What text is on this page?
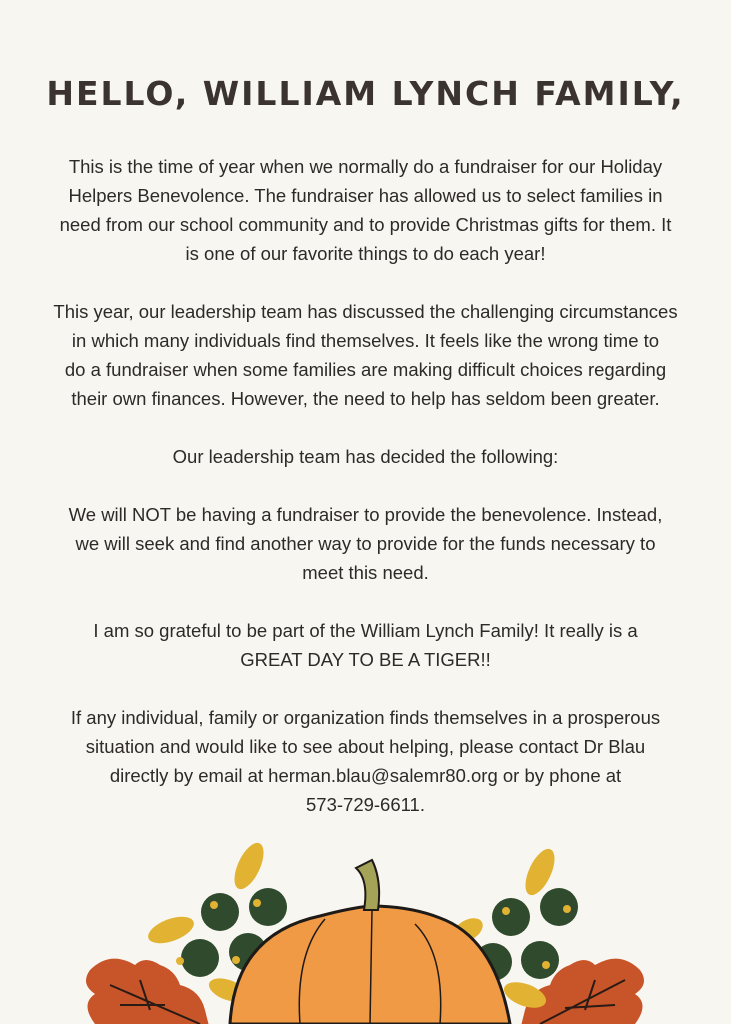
HELLO, WILLIAM LYNCH FAMILY,

This is the time of year when we normally do a fundraiser for our Holiday
Helpers Benevolence. The fundraiser has allowed us to select families in
need from our school community and to provide Christmas gifts for them. It
is one of our favorite things to do each year!

This year, our leadership team has discussed the challenging circumstances
in which many individuals find themselves. It feels like the wrong time to
do a fundraiser when some families are making difficult choices regarding
their own finances. However, the need to help has seldom been greater.

Our leadership team has decided the following:

We will NOT be having a fundraiser to provide the benevolence. Instead,
we will seek and find another way to provide for the funds necessary to
meet this need.

I am so grateful to be part of the William Lynch Family! It really is a
GREAT DAY TO BE A TIGER!!

If any individual, family or organization finds themselves in a prosperous
situation and would like to see about helping, please contact Dr Blau
directly by email at herman.blau@salemr80.org or by phone at
573-729-6611.
